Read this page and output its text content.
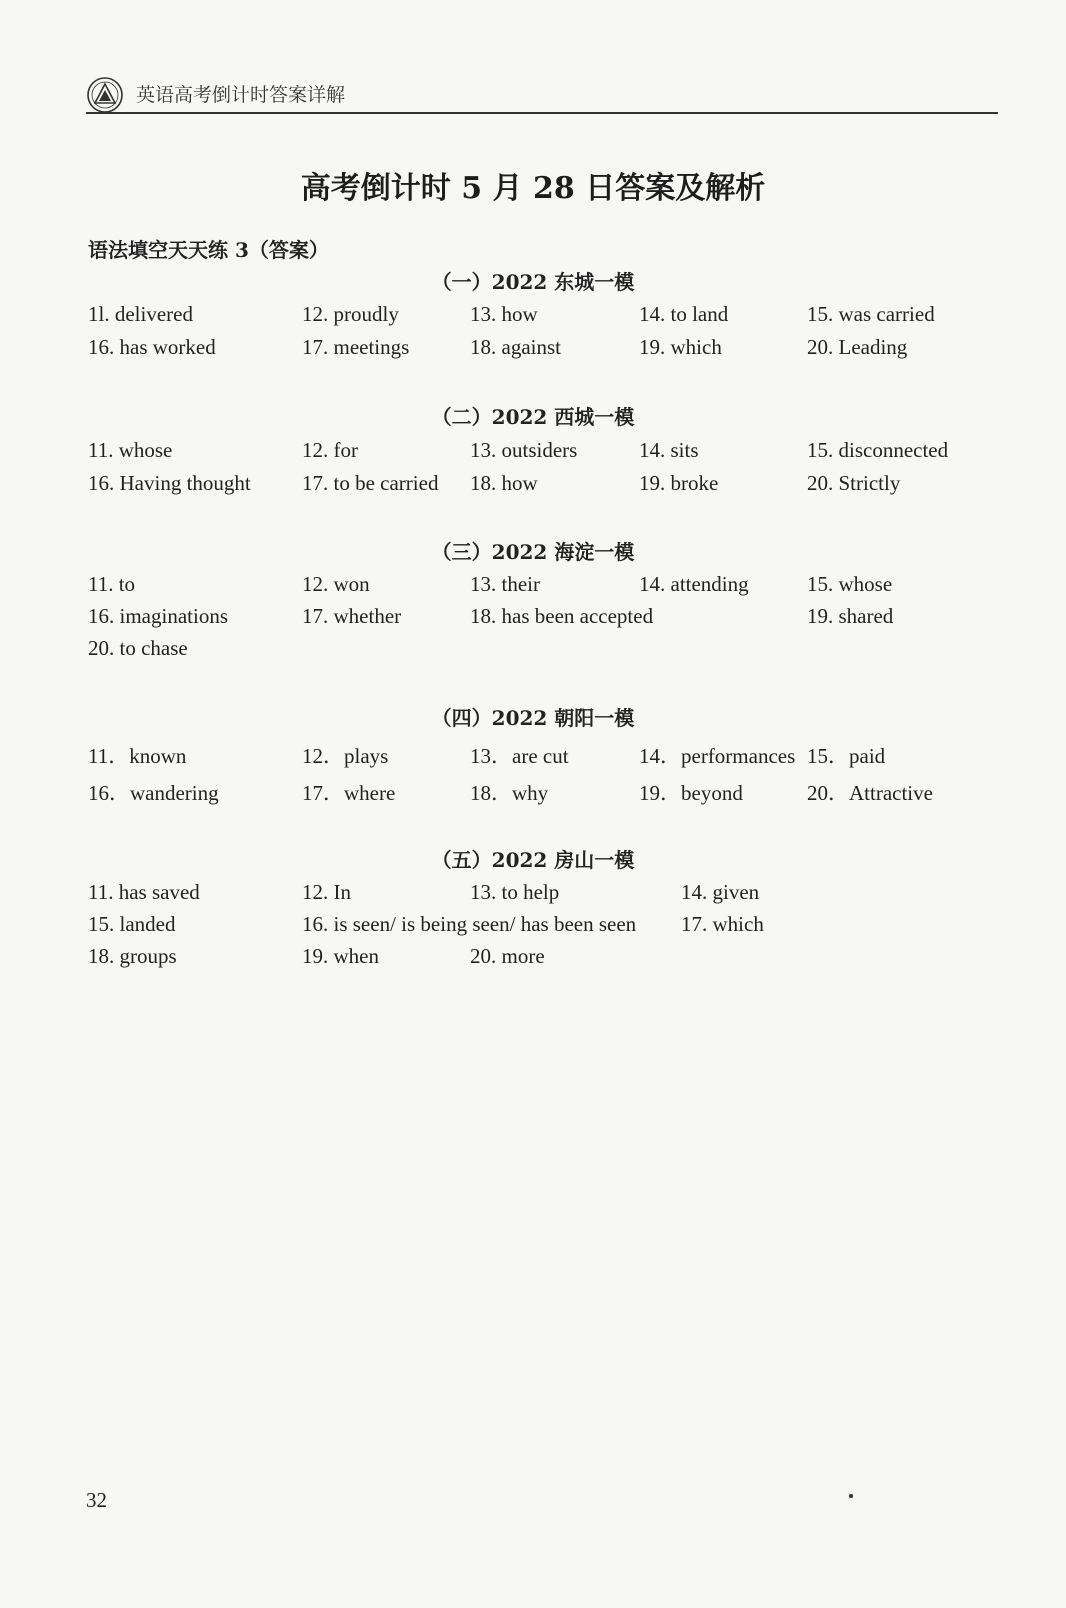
英语高考倒计时答案详解
高考倒计时 5 月 28 日答案及解析
语法填空天天练 3（答案）
（一）2022 东城一模
1l. delivered	12. proudly	13. how	14. to land	15. was carried
16. has worked	17. meetings	18. against	19. which	20. Leading
（二）2022 西城一模
11. whose	12. for	13. outsiders	14. sits	15. disconnected
16. Having thought 17. to be carried 18. how	19. broke	20. Strictly
（三）2022 海淀一模
11. to	12. won	13. their	14. attending	15. whose
16. imaginations	17. whether	18. has been accepted	19. shared
20. to chase
（四）2022 朝阳一模
11．known	12．plays	13．are cut	14．performances 15．paid
16．wandering	17．where	18．why	19．beyond	20．Attractive
（五）2022 房山一模
11. has saved	12. In	13. to help	14. given
15. landed	16. is seen/ is being seen/ has been seen 17. which
18. groups	19. when	20. more
32
